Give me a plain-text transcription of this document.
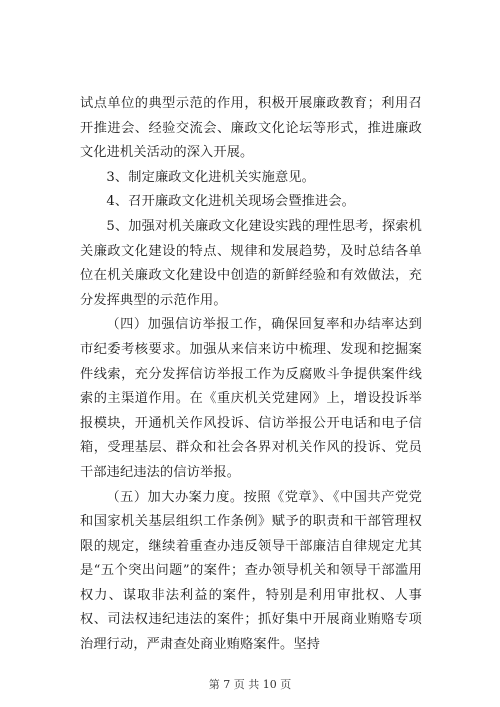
试点单位的典型示范的作用，积极开展廉政教育；利用召开推进会、经验交流会、廉政文化论坛等形式，推进廉政文化进机关活动的深入开展。

3、制定廉政文化进机关实施意见。

4、召开廉政文化进机关现场会暨推进会。

5、加强对机关廉政文化建设实践的理性思考，探索机关廉政文化建设的特点、规律和发展趋势，及时总结各单位在机关廉政文化建设中创造的新鲜经验和有效做法，充分发挥典型的示范作用。

（四）加强信访举报工作，确保回复率和办结率达到市纪委考核要求。加强从来信来访中梳理、发现和挖掘案件线索，充分发挥信访举报工作为反腐败斗争提供案件线索的主渠道作用。在《重庆机关党建网》上，增设投诉举报模块，开通机关作风投诉、信访举报公开电话和电子信箱，受理基层、群众和社会各界对机关作风的投诉、党员干部违纪违法的信访举报。

（五）加大办案力度。按照《党章》、《中国共产党党和国家机关基层组织工作条例》赋予的职责和干部管理权限的规定，继续着重查办违反领导干部廉洁自律规定尤其是“五个突出问题”的案件；查办领导机关和领导干部滥用权力、谋取非法利益的案件，特别是利用审批权、人事权、司法权违纪违法的案件；抓好集中开展商业贿赂专项治理行动，严肃查处商业贿赂案件。坚持

第 7 页 共 10 页
